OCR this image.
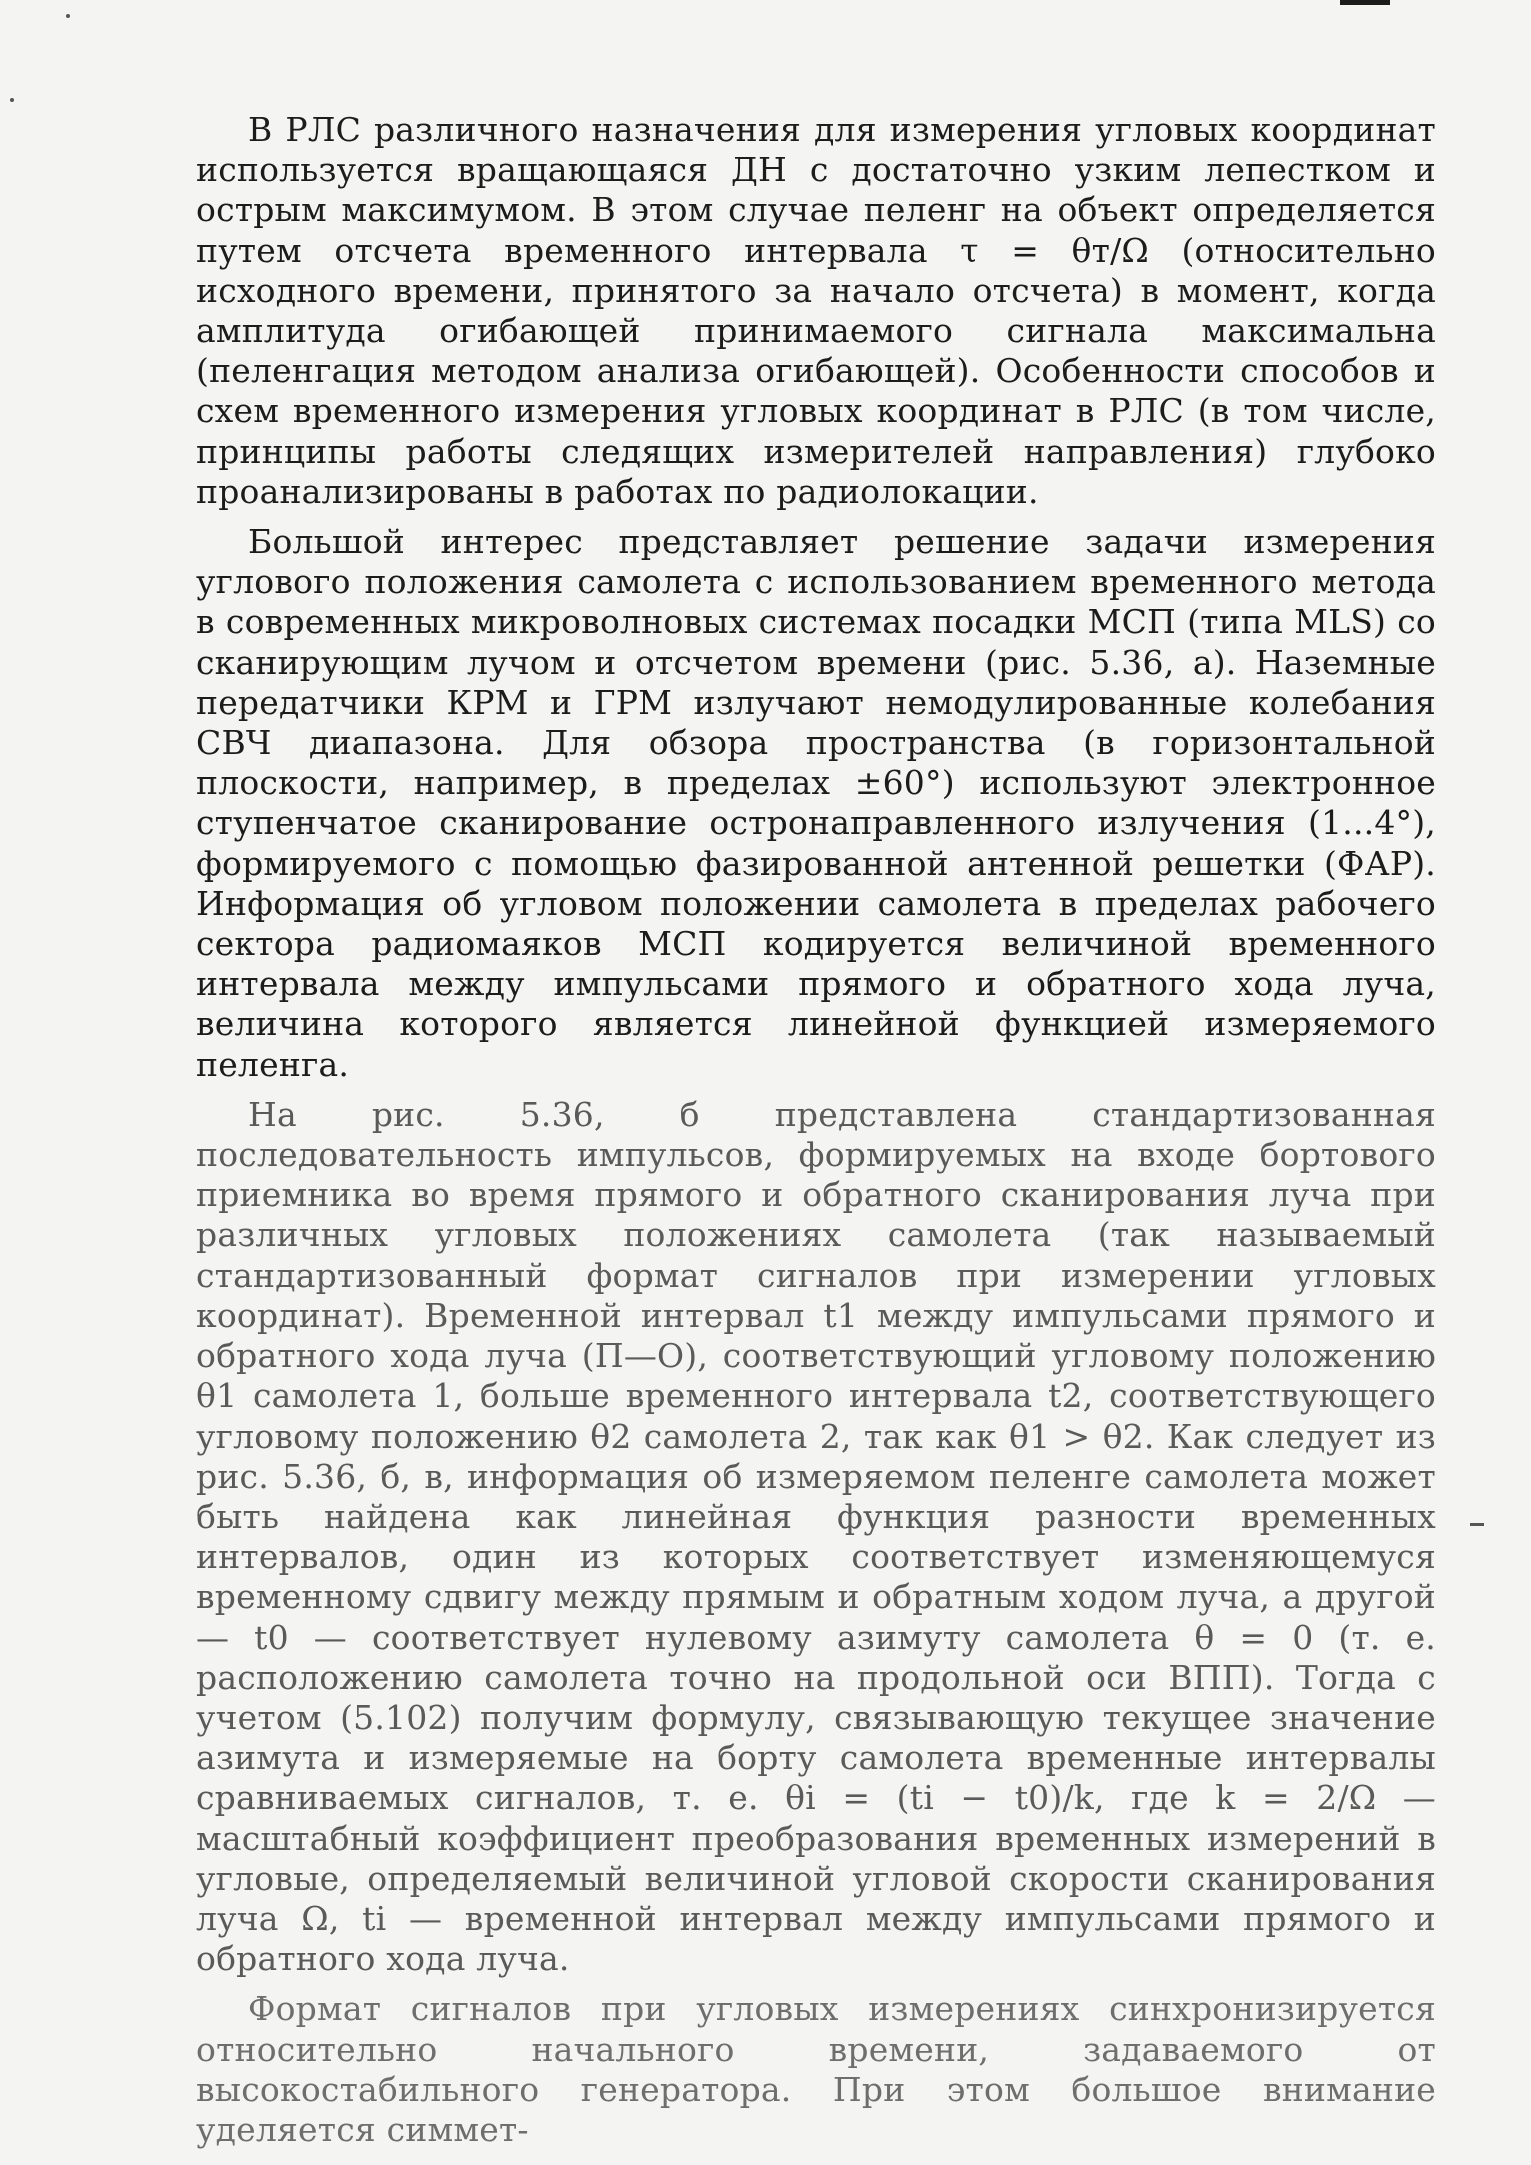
В РЛС различного назначения для измерения угловых координат используется вращающаяся ДН с достаточно узким лепестком и острым максимумом. В этом случае пеленг на объект определяется путем отсчета временного интервала τ = θт/Ω (относительно исходного времени, принятого за начало отсчета) в момент, когда амплитуда огибающей принимаемого сигнала максимальна (пеленгация методом анализа огибающей). Особенности способов и схем временного измерения угловых координат в РЛС (в том числе, принципы работы следящих измерителей направления) глубоко проанализированы в работах по радиолокации.

Большой интерес представляет решение задачи измерения углового положения самолета с использованием временного метода в современных микроволновых системах посадки МСП (типа MLS) со сканирующим лучом и отсчетом времени (рис. 5.36, а). Наземные передатчики КРМ и ГРМ излучают немодулированные колебания СВЧ диапазона. Для обзора пространства (в горизонтальной плоскости, например, в пределах ±60°) используют электронное ступенчатое сканирование остронаправленного излучения (1...4°), формируемого с помощью фазированной антенной решетки (ФАР). Информация об угловом положении самолета в пределах рабочего сектора радиомаяков МСП кодируется величиной временного интервала между импульсами прямого и обратного хода луча, величина которого является линейной функцией измеряемого пеленга.

На рис. 5.36, б представлена стандартизованная последовательность импульсов, формируемых на входе бортового приемника во время прямого и обратного сканирования луча при различных угловых положениях самолета (так называемый стандартизованный формат сигналов при измерении угловых координат). Временной интервал t1 между импульсами прямого и обратного хода луча (П—О), соответствующий угловому положению θ1 самолета 1, больше временного интервала t2, соответствующего угловому положению θ2 самолета 2, так как θ1 > θ2. Как следует из рис. 5.36, б, в, информация об измеряемом пеленге самолета может быть найдена как линейная функция разности временных интервалов, один из которых соответствует изменяющемуся временному сдвигу между прямым и обратным ходом луча, а другой — t0 — соответствует нулевому азимуту самолета θ = 0 (т. е. расположению самолета точно на продольной оси ВПП). Тогда с учетом (5.102) получим формулу, связывающую текущее значение азимута и измеряемые на борту самолета временные интервалы сравниваемых сигналов, т. е. θi = (ti − t0)/k, где k = 2/Ω — масштабный коэффициент преобразования временных измерений в угловые, определяемый величиной угловой скорости сканирования луча Ω, ti — временной интервал между импульсами прямого и обратного хода луча.

Формат сигналов при угловых измерениях синхронизируется относительно начального времени, задаваемого от высокостабильного генератора. При этом большое внимание уделяется симмет-
